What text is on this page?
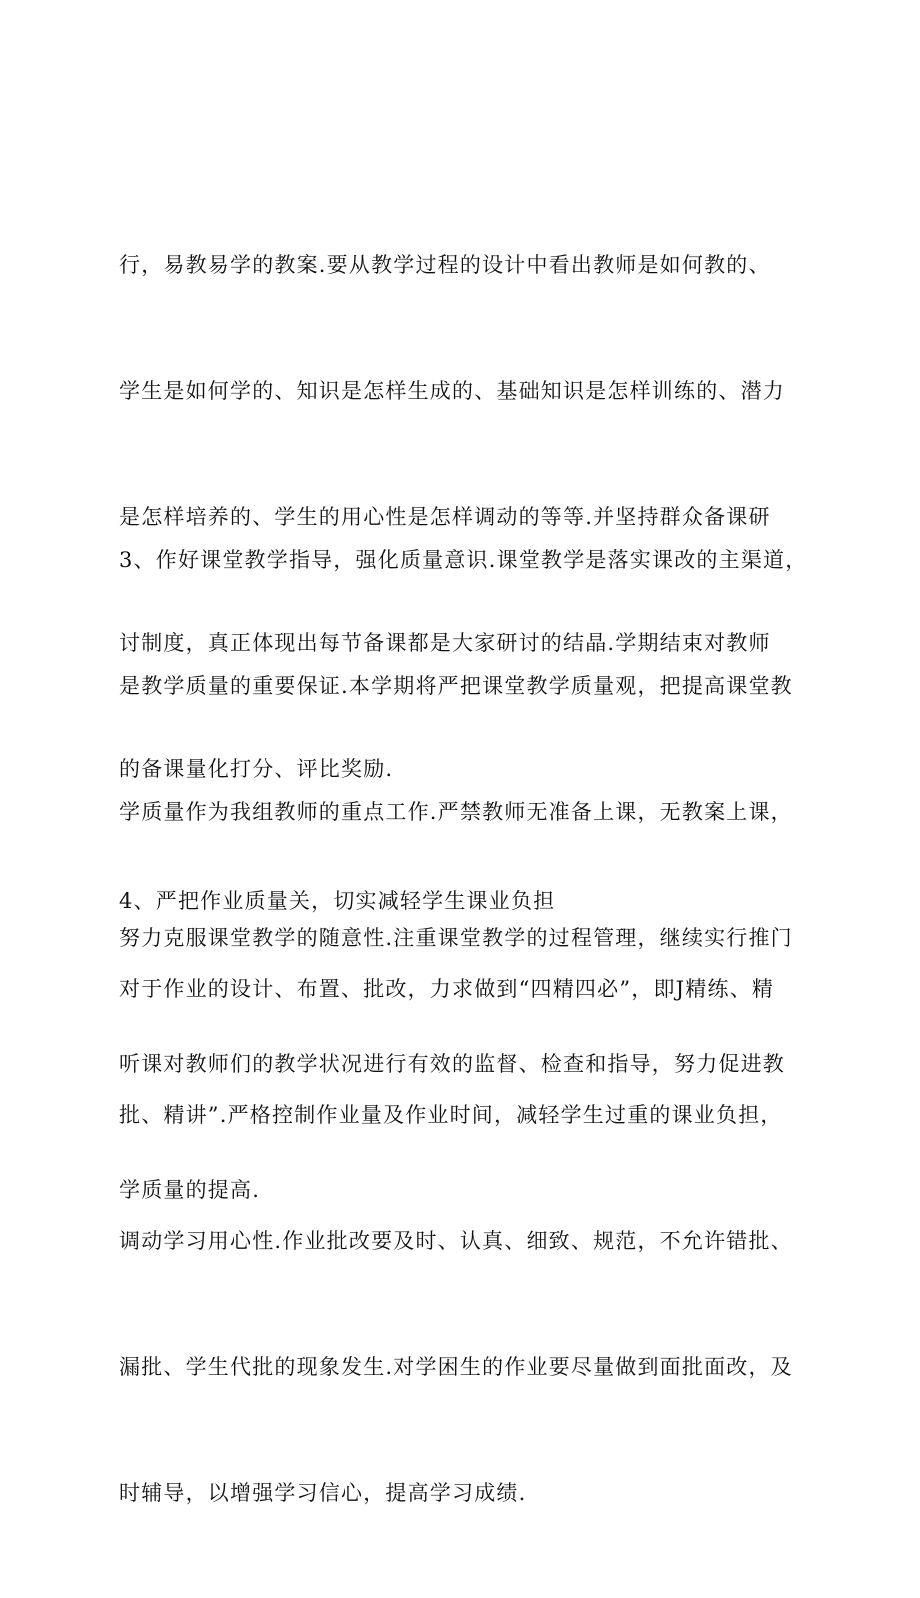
行，易教易学的教案.要从教学过程的设计中看出教师是如何教的、

学生是如何学的、知识是怎样生成的、基础知识是怎样训练的、潜力

是怎样培养的、学生的用心性是怎样调动的等等.并坚持群众备课研

讨制度，真正体现出每节备课都是大家研讨的结晶.学期结束对教师

的备课量化打分、评比奖励.

3、作好课堂教学指导，强化质量意识.课堂教学是落实课改的主渠道，

是教学质量的重要保证.本学期将严把课堂教学质量观，把提高课堂教

学质量作为我组教师的重点工作.严禁教师无准备上课，无教案上课，

努力克服课堂教学的随意性.注重课堂教学的过程管理，继续实行推门

听课对教师们的教学状况进行有效的监督、检查和指导，努力促进教

学质量的提高.

4、严把作业质量关，切实减轻学生课业负担

对于作业的设计、布置、批改，力求做到“四精四必”，即J精练、精

批、精讲”.严格控制作业量及作业时间，减轻学生过重的课业负担，

调动学习用心性.作业批改要及时、认真、细致、规范，不允许错批、

漏批、学生代批的现象发生.对学困生的作业要尽量做到面批面改，及

时辅导，以增强学习信心，提高学习成绩.
